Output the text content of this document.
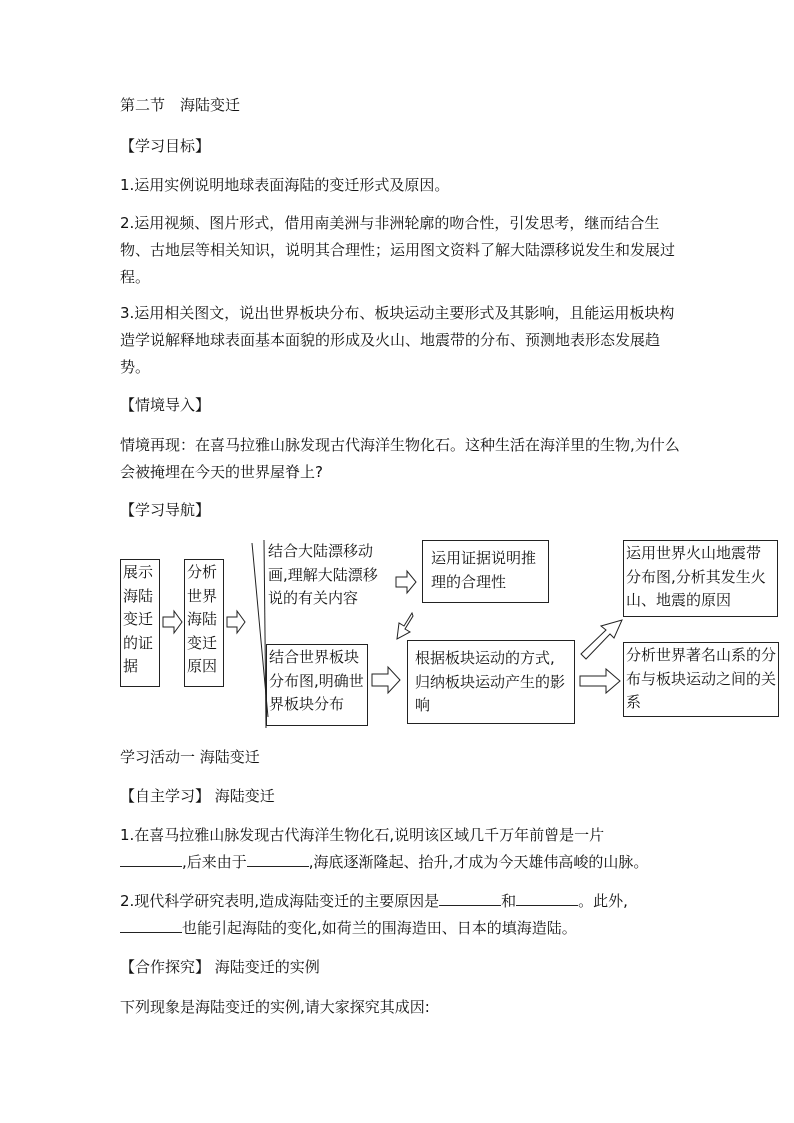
第二节　海陆变迁

【学习目标】

1.运用实例说明地球表面海陆的变迁形式及原因。

2.运用视频、图片形式，借用南美洲与非洲轮廓的吻合性，引发思考，继而结合生物、古地层等相关知识，说明其合理性；运用图文资料了解大陆漂移说发生和发展过程。

3.运用相关图文，说出世界板块分布、板块运动主要形式及其影响，且能运用板块构造学说解释地球表面基本面貌的形成及火山、地震带的分布、预测地表形态发展趋势。

【情境导入】

情境再现：在喜马拉雅山脉发现古代海洋生物化石。这种生活在海洋里的生物,为什么会被掩埋在今天的世界屋脊上?

【学习导航】

展示海陆变迁的证据
分析世界海陆变迁原因
结合大陆漂移动画,理解大陆漂移说的有关内容
运用证据说明推理的合理性
运用世界火山地震带分布图,分析其发生火山、地震的原因
结合世界板块分布图,明确世界板块分布
根据板块运动的方式,归纳板块运动产生的影响
分析世界著名山系的分布与板块运动之间的关系

学习活动一 海陆变迁

【自主学习】 海陆变迁

1.在喜马拉雅山脉发现古代海洋生物化石,说明该区域几千万年前曾是一片
,后来由于	,海底逐渐隆起、抬升,才成为今天雄伟高峻的山脉。

2.现代科学研究表明,造成海陆变迁的主要原因是	和	。此外,
也能引起海陆的变化,如荷兰的围海造田、日本的填海造陆。

【合作探究】 海陆变迁的实例

下列现象是海陆变迁的实例,请大家探究其成因:
